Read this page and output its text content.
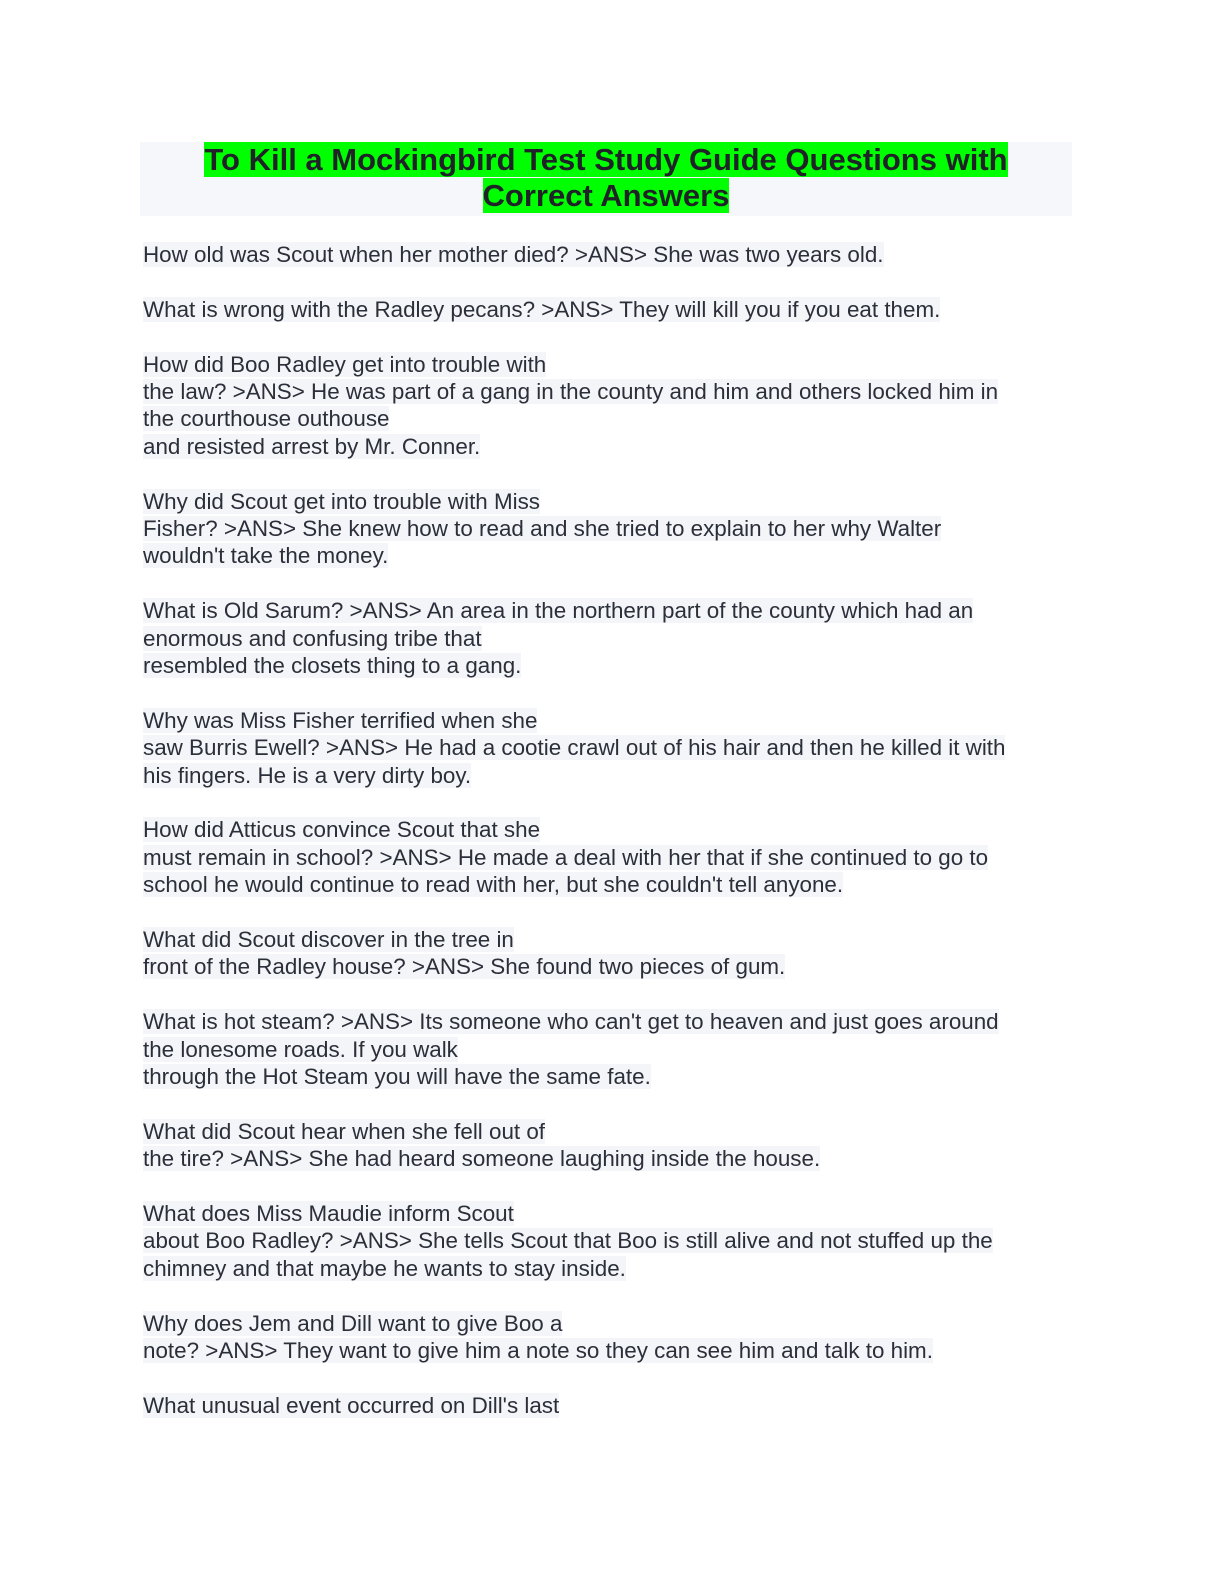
To Kill a Mockingbird Test Study Guide Questions with
Correct Answers
How old was Scout when her mother died? >ANS> She was two years old.
What is wrong with the Radley pecans? >ANS> They will kill you if you eat them.
How did Boo Radley get into trouble with
the law? >ANS> He was part of a gang in the county and him and others locked him in
the courthouse outhouse
and resisted arrest by Mr. Conner.
Why did Scout get into trouble with Miss
Fisher? >ANS> She knew how to read and she tried to explain to her why Walter
wouldn't take the money.
What is Old Sarum? >ANS> An area in the northern part of the county which had an
enormous and confusing tribe that
resembled the closets thing to a gang.
Why was Miss Fisher terrified when she
saw Burris Ewell? >ANS> He had a cootie crawl out of his hair and then he killed it with
his fingers. He is a very dirty boy.
How did Atticus convince Scout that she
must remain in school? >ANS> He made a deal with her that if she continued to go to
school he would continue to read with her, but she couldn't tell anyone.
What did Scout discover in the tree in
front of the Radley house? >ANS> She found two pieces of gum.
What is hot steam? >ANS> Its someone who can't get to heaven and just goes around
the lonesome roads. If you walk
through the Hot Steam you will have the same fate.
What did Scout hear when she fell out of
the tire? >ANS> She had heard someone laughing inside the house.
What does Miss Maudie inform Scout
about Boo Radley? >ANS> She tells Scout that Boo is still alive and not stuffed up the
chimney and that maybe he wants to stay inside.
Why does Jem and Dill want to give Boo a
note? >ANS> They want to give him a note so they can see him and talk to him.
What unusual event occurred on Dill's last
